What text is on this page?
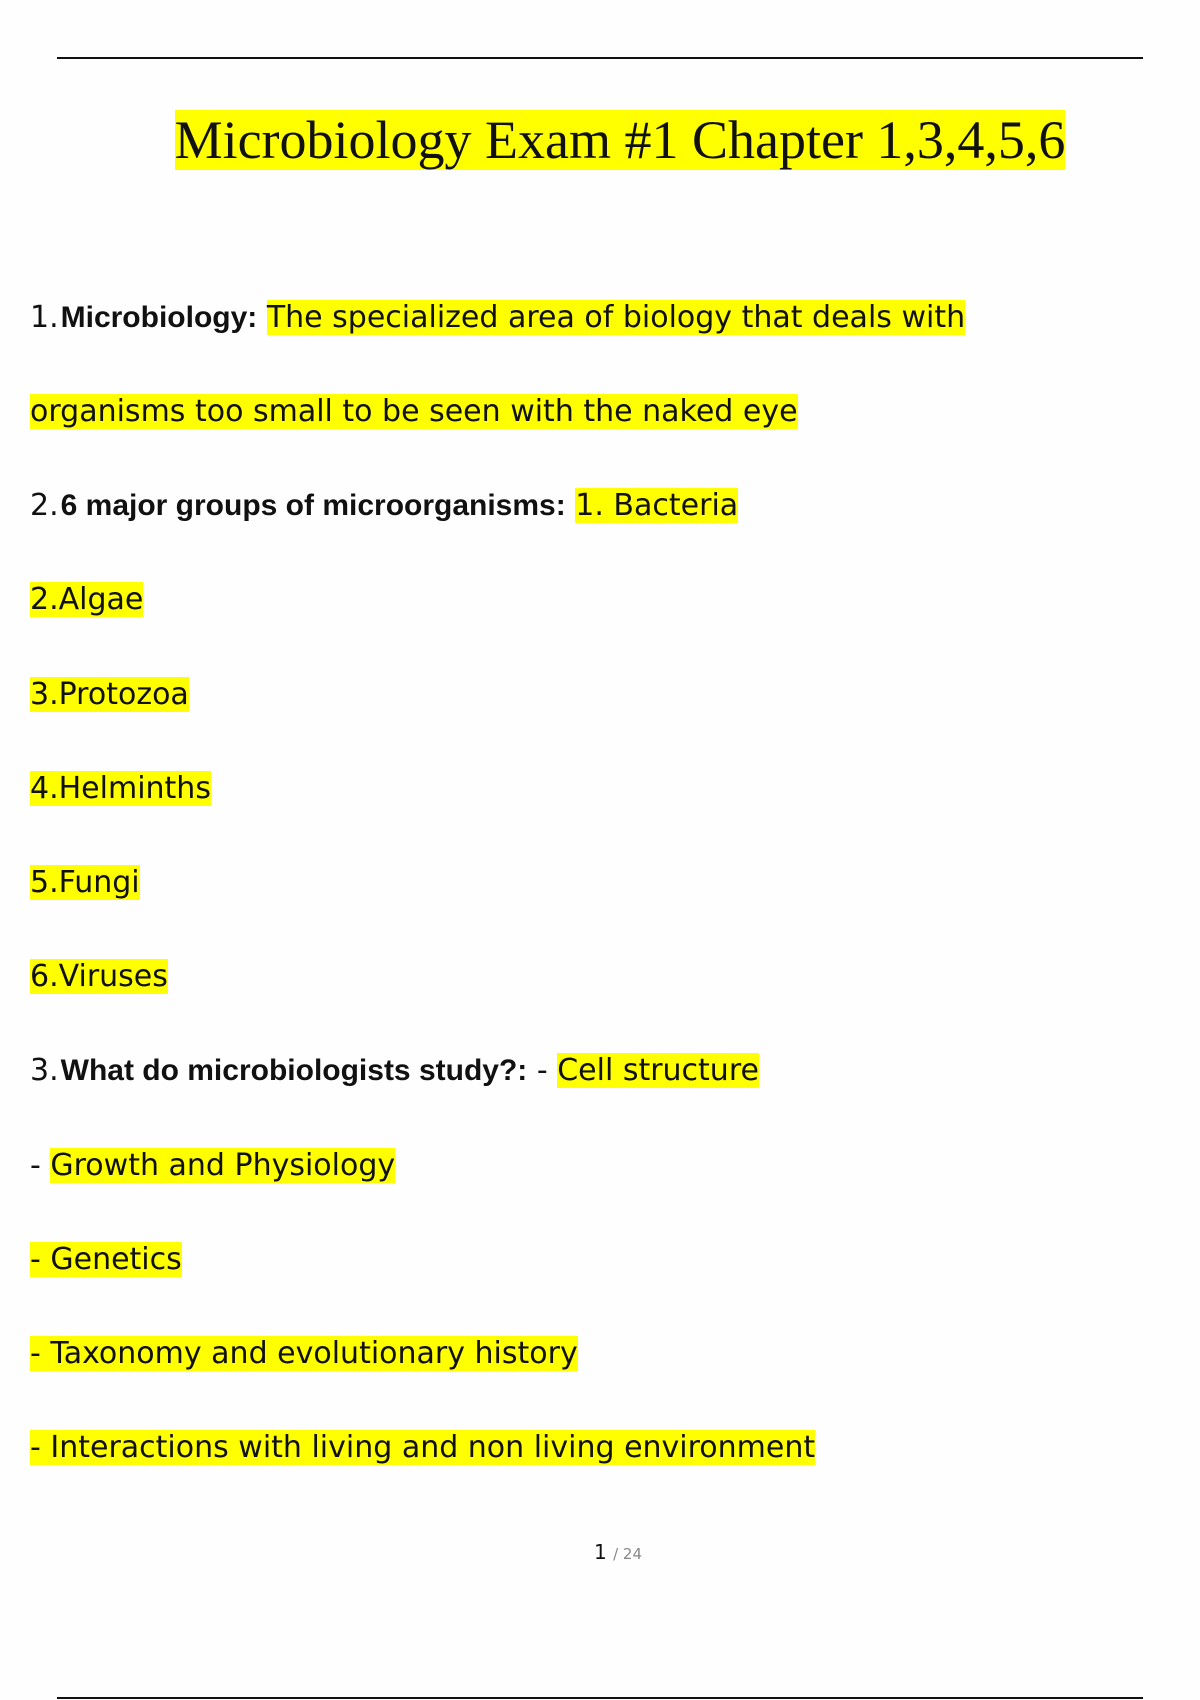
Microbiology Exam #1 Chapter 1,3,4,5,6
1.Microbiology: The specialized area of biology that deals with
organisms too small to be seen with the naked eye
2.6 major groups of microorganisms: 1. Bacteria
2.Algae
3.Protozoa
4.Helminths
5.Fungi
6.Viruses
3.What do microbiologists study?: - Cell structure
- Growth and Physiology
- Genetics
- Taxonomy and evolutionary history
- Interactions with living and non living environment
1 / 24
